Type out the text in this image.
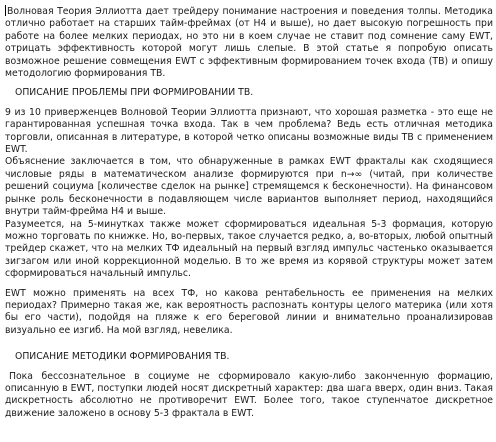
Волновая Теория Эллиотта дает трейдеру понимание настроения и поведения толпы. Методика отлично работает на старших тайм-фреймах (от H4 и выше), но дает высокую погрешность при работе на более мелких периодах, но это ни в коем случае не ставит под сомнение саму EWT, отрицать эффективность которой могут лишь слепые. В этой статье я попробую описать возможное решение совмещения EWT с эффективным формированием точек входа (ТВ) и опишу методологию формирования ТВ.

ОПИСАНИЕ ПРОБЛЕМЫ ПРИ ФОРМИРОВАНИИ ТВ.

9 из 10 приверженцев Волновой Теории Эллиотта признают, что хорошая разметка - это еще не гарантированная успешная точка входа. Так в чем проблема? Ведь есть отличная методика торговли, описанная в литературе, в которой четко описаны возможные виды ТВ с применением EWT.

Объяснение заключается в том, что обнаруженные в рамках EWT фракталы как сходящиеся числовые ряды в математическом анализе формируются при n→∞ (читай, при количестве решений социума [количестве сделок на рынке] стремящемся к бесконечности). На финансовом рынке роль бесконечности в подавляющем числе вариантов выполняет период, находящийся внутри тайм-фрейма H4 и выше.

Разумеется, на 5-минутках также может сформироваться идеальная 5-3 формация, которую можно торговать по книжке. Но, во-первых, такое случается редко, а, во-вторых, любой опытный трейдер скажет, что на мелких ТФ идеальный на первый взгляд импульс частенько оказывается зигзагом или иной коррекционной моделью. В то же время из корявой структуры может затем сформироваться начальный импульс.

EWT можно применять на всех ТФ, но какова рентабельность ее применения на мелких периодах? Примерно такая же, как вероятность распознать контуры целого материка (или хотя бы его части), подойдя на пляже к его береговой линии и внимательно проанализировав визуально ее изгиб. На мой взгляд, невелика.

ОПИСАНИЕ МЕТОДИКИ ФОРМИРОВАНИЯ ТВ.

Пока бессознательное в социуме не сформировало какую-либо законченную формацию, описанную в EWT, поступки людей носят дискретный характер: два шага вверх, один вниз. Такая дискретность абсолютно не противоречит EWT. Более того, такое ступенчатое дискретное движение заложено в основу 5-3 фрактала в EWT.
